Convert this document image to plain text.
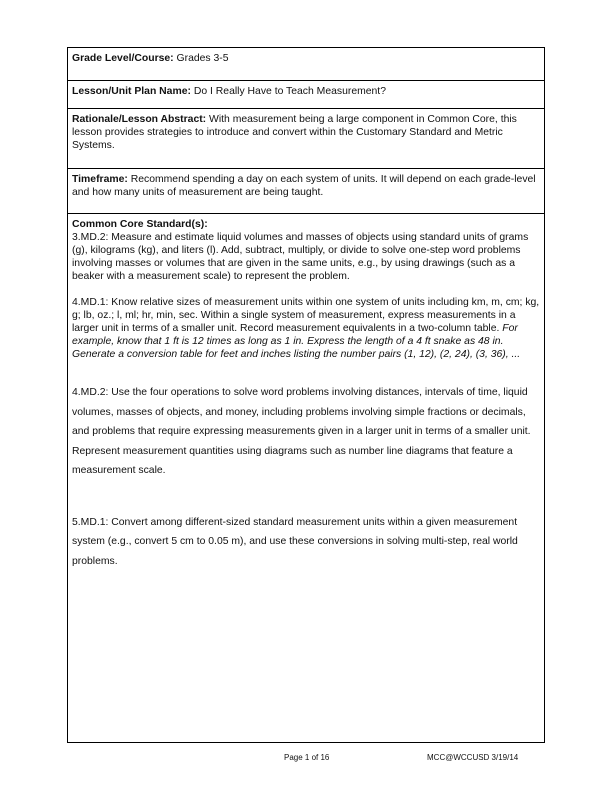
Grade Level/Course: Grades 3-5

Lesson/Unit Plan Name: Do I Really Have to Teach Measurement?

Rationale/Lesson Abstract: With measurement being a large component in Common Core, this lesson provides strategies to introduce and convert within the Customary Standard and Metric Systems.

Timeframe: Recommend spending a day on each system of units. It will depend on each grade-level and how many units of measurement are being taught.

Common Core Standard(s):

3.MD.2: Measure and estimate liquid volumes and masses of objects using standard units of grams (g), kilograms (kg), and liters (l). Add, subtract, multiply, or divide to solve one-step word problems involving masses or volumes that are given in the same units, e.g., by using drawings (such as a beaker with a measurement scale) to represent the problem.

4.MD.1: Know relative sizes of measurement units within one system of units including km, m, cm; kg, g; lb, oz.; l, ml; hr, min, sec. Within a single system of measurement, express measurements in a larger unit in terms of a smaller unit. Record measurement equivalents in a two-column table. For example, know that 1 ft is 12 times as long as 1 in. Express the length of a 4 ft snake as 48 in. Generate a conversion table for feet and inches listing the number pairs (1, 12), (2, 24), (3, 36), ...

4.MD.2: Use the four operations to solve word problems involving distances, intervals of time, liquid volumes, masses of objects, and money, including problems involving simple fractions or decimals, and problems that require expressing measurements given in a larger unit in terms of a smaller unit. Represent measurement quantities using diagrams such as number line diagrams that feature a measurement scale.

5.MD.1: Convert among different-sized standard measurement units within a given measurement system (e.g., convert 5 cm to 0.05 m), and use these conversions in solving multi-step, real world problems.

Page 1 of 16	MCC@WCCUSD 3/19/14
